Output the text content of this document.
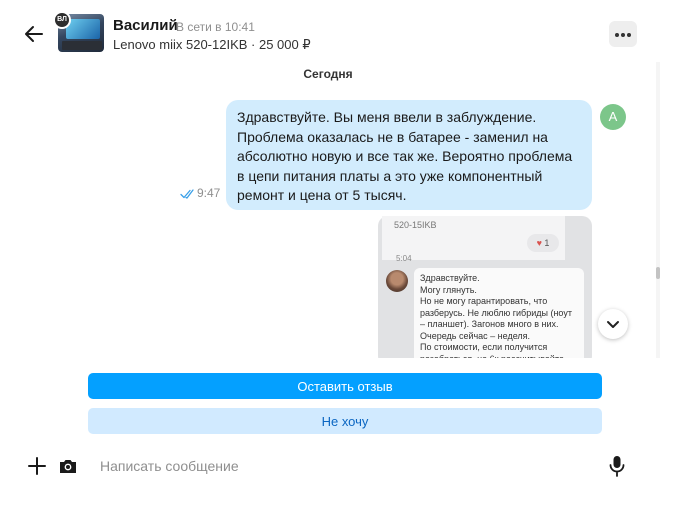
ВЛ	Василий
В сети в 10:41
Lenovo miix 520-12IKB · 25 000 ₽
Сегодня
9:47
Здравствуйте. Вы меня ввели в заблуждение. Проблема оказалась не в батарее - заменил на абсолютно новую и все так же. Вероятно проблема в цепи питания платы а это уже компонентный ремонт и цена от 5 тысяч.
А
520-15IKB
♥ 1
5:04
Здравствуйте.
Могу глянуть.
Но не могу гарантировать, что
разберусь. Не люблю гибриды (ноут
– планшет). Загонов много в них.
Очередь сейчас – неделя.
По стоимости, если получится
Оставить отзыв
Не хочу
Написать сообщение
